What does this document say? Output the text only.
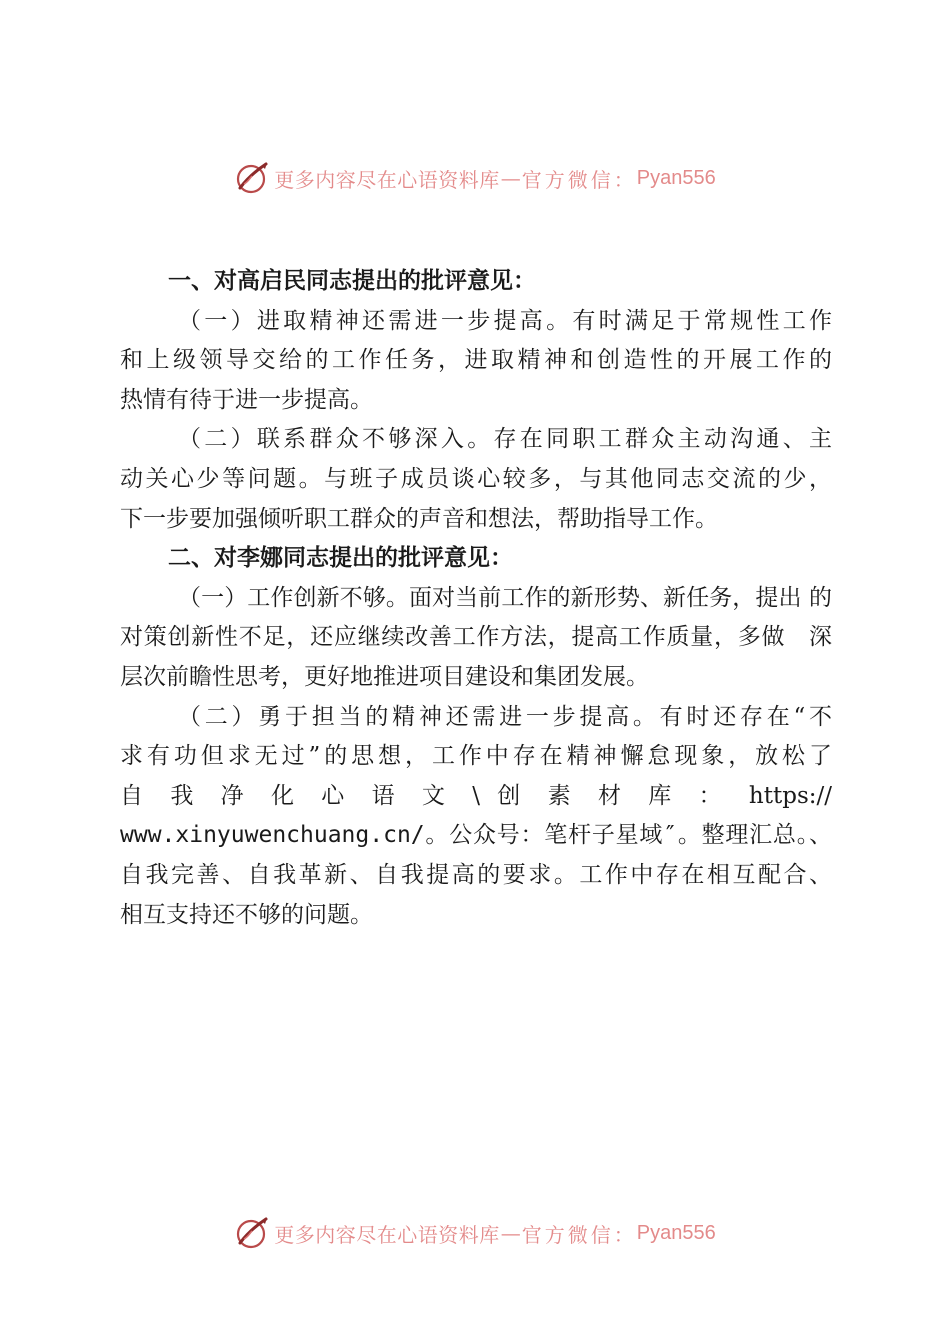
更多内容尽在心语资料库 — 官方微信： Pyan556
一、对高启民同志提出的批评意见：
（一）进取精神还需进一步提高。有时满足于常规性工作
和上级领导交给的工作任务，进取精神和创造性的开展工作的
热情有待于进一步提高。
（二）联系群众不够深入。存在同职工群众主动沟通、主
动关心少等问题。与班子成员谈心较多，与其他同志交流的少，
下一步要加强倾听职工群众的声音和想法，帮助指导工作。
二、对李娜同志提出的批评意见：
（一）工作创新不够。面对当前工作的新形势、新任务，提出 的
对策创新性不足，还应继续改善工作方法，提高工作质量，多做　深
层次前瞻性思考，更好地推进项目建设和集团发展。
（二）勇于担当的精神还需进一步提高。有时还存在“不
求有功但求无过”的思想，工作中存在精神懈怠现象，放松了
自 我 净 化 心 语 文 \ 创 素 材 库 ： https://
www.xinyuwenchuang.cn/。公众号：笔杆子星域″。整理汇总。、
自我完善、自我革新、自我提高的要求。工作中存在相互配合、
相互支持还不够的问题。
更多内容尽在心语资料库 — 官方微信： Pyan556
